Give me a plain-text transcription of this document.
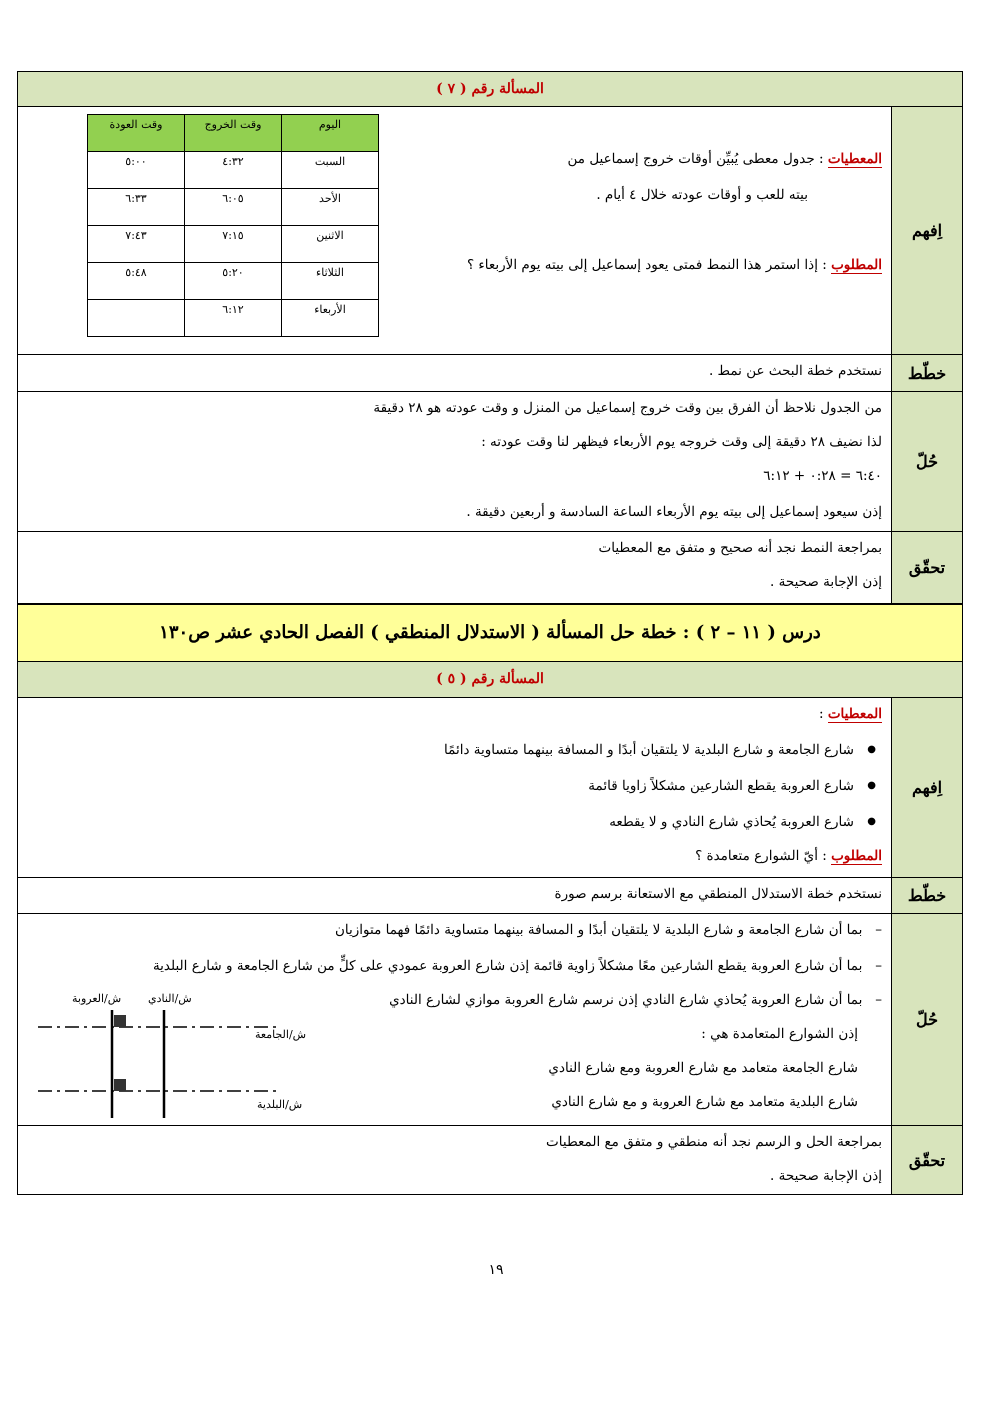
المسألة رقم ( ٧ )
اِفهم
المعطيات : جدول معطى يُبيِّن أوقات خروج إسماعيل من
بيته للعب و أوقات عودته خلال ٤ أيام .
المطلوب : إذا استمر هذا النمط فمتى يعود إسماعيل إلى بيته يوم الأربعاء ؟
اليوم	وقت الخروج	وقت العودة
السبت	٤:٣٢	٥:٠٠
الأحد	٦:٠٥	٦:٣٣
الاثنين	٧:١٥	٧:٤٣
الثلاثاء	٥:٢٠	٥:٤٨
الأربعاء	٦:١٢	
خطّط
نستخدم خطة البحث عن نمط .
حُلّ
من الجدول نلاحظ أن الفرق بين وقت خروج إسماعيل من المنزل و وقت عودته هو ٢٨ دقيقة
لذا نضيف ٢٨ دقيقة إلى وقت خروجه يوم الأربعاء فيظهر لنا وقت عودته :
٦:١٢ + ٠:٢٨ = ٦:٤٠
إذن سيعود إسماعيل إلى بيته يوم الأربعاء الساعة السادسة و أربعين دقيقة .
تحقّق
بمراجعة النمط نجد أنه صحيح و متفق مع المعطيات
إذن الإجابة صحيحة .
درس ( ١١ – ٢ ) : خطة حل المسألة ( الاستدلال المنطقي ) الفصل الحادي عشر ص١٣٠
المسألة رقم ( ٥ )
اِفهم
المعطيات :
● شارع الجامعة و شارع البلدية لا يلتقيان أبدًا و المسافة بينهما متساوية دائمًا
● شارع العروبة يقطع الشارعين مشكلاً زاويا قائمة
● شارع العروبة يُحاذي شارع النادي و لا يقطعه
المطلوب : أيّ الشوارع متعامدة ؟
خطّط
نستخدم خطة الاستدلال المنطقي مع الاستعانة برسم صورة
حُلّ
–   بما أن شارع الجامعة و شارع البلدية لا يلتقيان أبدًا و المسافة بينهما متساوية دائمًا فهما متوازيان
–   بما أن شارع العروبة يقطع الشارعين معًا مشكلاً زاوية قائمة إذن شارع العروبة عمودي على كلٍّ من شارع الجامعة و شارع البلدية
–   بما أن شارع العروبة يُحاذي شارع النادي إذن نرسم شارع العروبة موازي لشارع النادي
إذن الشوارع المتعامدة هي :
شارع الجامعة متعامد مع شارع العروبة ومع شارع النادي
شارع البلدية متعامد مع شارع العروبة و مع شارع النادي
ش/العروبة ش/النادي
ش/الجامعة
ش/البلدية
تحقّق
بمراجعة الحل و الرسم نجد أنه منطقي و متفق مع المعطيات
إذن الإجابة صحيحة .
١٩
